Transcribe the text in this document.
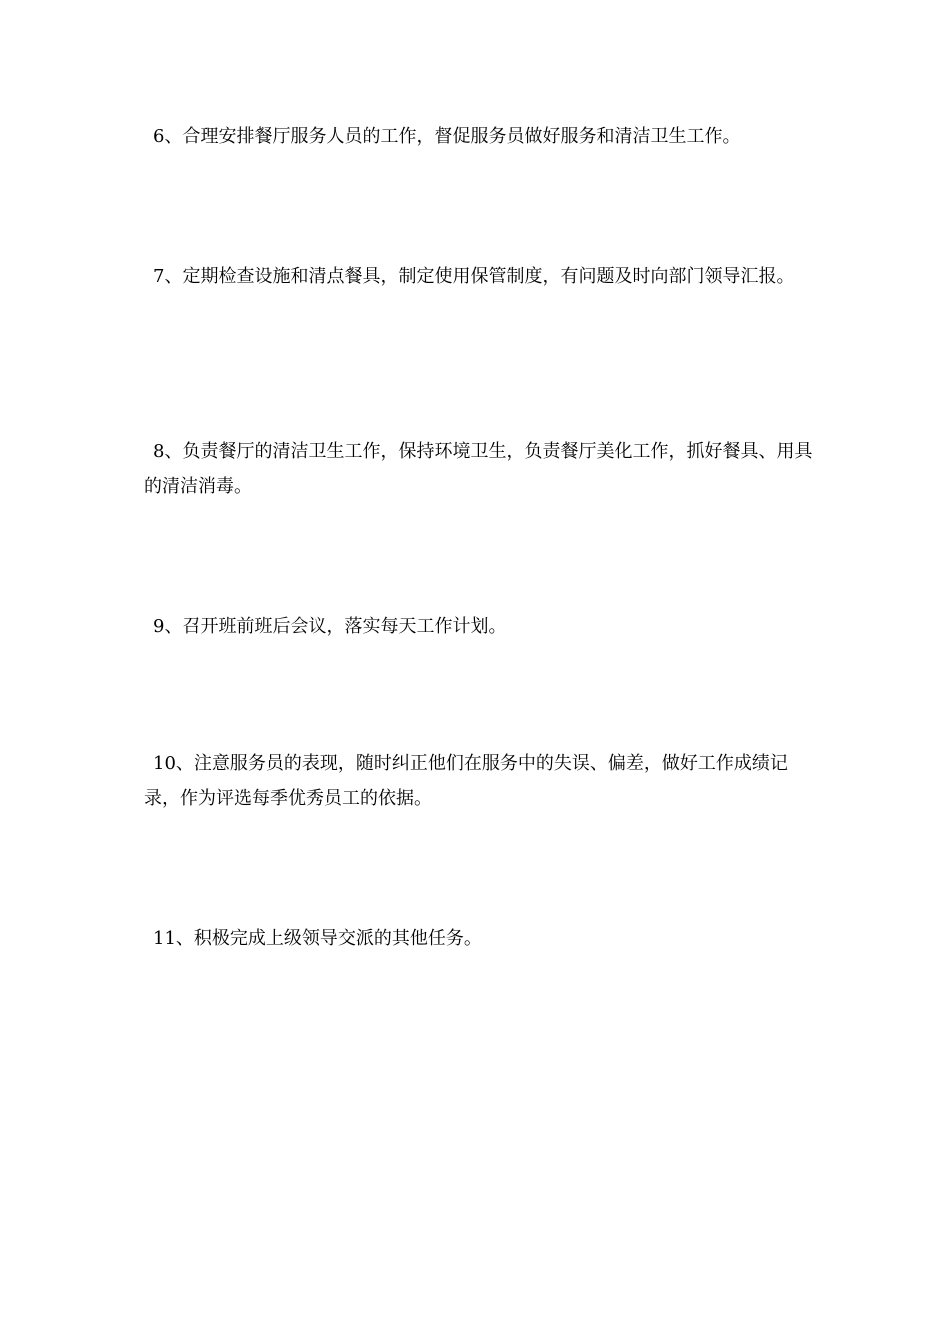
6、合理安排餐厅服务人员的工作，督促服务员做好服务和清洁卫生工作。

7、定期检查设施和清点餐具，制定使用保管制度，有问题及时向部门领导汇报。

8、负责餐厅的清洁卫生工作，保持环境卫生，负责餐厅美化工作，抓好餐具、用具的清洁消毒。

9、召开班前班后会议，落实每天工作计划。

10、注意服务员的表现，随时纠正他们在服务中的失误、偏差，做好工作成绩记录，作为评选每季优秀员工的依据。

11、积极完成上级领导交派的其他任务。
